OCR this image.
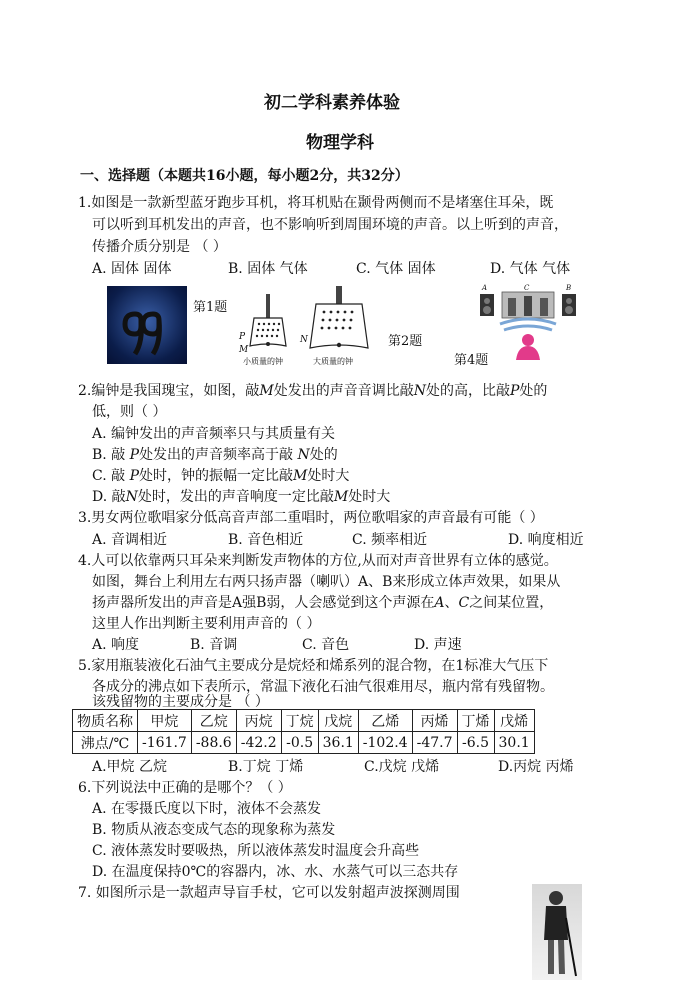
初二学科素养体验
物理学科
一、选择题（本题共16小题，每小题2分，共32分）
1.如图是一款新型蓝牙跑步耳机，将耳机贴在颞骨两侧而不是堵塞住耳朵，既
可以听到耳机发出的声音，也不影响听到周围环境的声音。以上听到的声音，
传播介质分别是 （ ）
A. 固体 固体	B. 固体 气体	C. 气体 固体	D. 气体 气体
第1题
P
M
N
小质量的钟	大质量的钟
第2题
A	C	B
第4题
2.编钟是我国瑰宝，如图，敲M处发出的声音音调比敲N处的高，比敲P处的
低，则（ ）
A. 编钟发出的声音频率只与其质量有关
B. 敲 P处发出的声音频率高于敲 N处的
C. 敲 P处时，钟的振幅一定比敲M处时大
D. 敲N处时，发出的声音响度一定比敲M处时大
3.男女两位歌唱家分低高音声部二重唱时，两位歌唱家的声音最有可能（ ）
A. 音调相近	B. 音色相近	C. 频率相近	D. 响度相近
4.人可以依靠两只耳朵来判断发声物体的方位,从而对声音世界有立体的感觉。
如图，舞台上利用左右两只扬声器（喇叭）A、B来形成立体声效果，如果从
扬声器所发出的声音是A强B弱，人会感觉到这个声源在A、C之间某位置，
这里人作出判断主要利用声音的（ ）
A. 响度	B. 音调	C. 音色	D. 声速
5.家用瓶装液化石油气主要成分是烷烃和烯系列的混合物，在1标准大气压下
各成分的沸点如下表所示，常温下液化石油气很难用尽，瓶内常有残留物。
该残留物的主要成分是 （ ）
物质名称	甲烷	乙烷	丙烷	丁烷	戊烷	乙烯	丙烯	丁烯	戊烯
沸点/℃	-161.7	-88.6	-42.2	-0.5	36.1	-102.4	-47.7	-6.5	30.1
A.甲烷 乙烷	B.丁烷 丁烯	C.戊烷 戊烯	D.丙烷 丙烯
6.下列说法中正确的是哪个？（ ）
A. 在零摄氏度以下时，液体不会蒸发
B. 物质从液态变成气态的现象称为蒸发
C. 液体蒸发时要吸热，所以液体蒸发时温度会升高些
D. 在温度保持0℃的容器内，冰、水、水蒸气可以三态共存
7. 如图所示是一款超声导盲手杖，它可以发射超声波探测周围
